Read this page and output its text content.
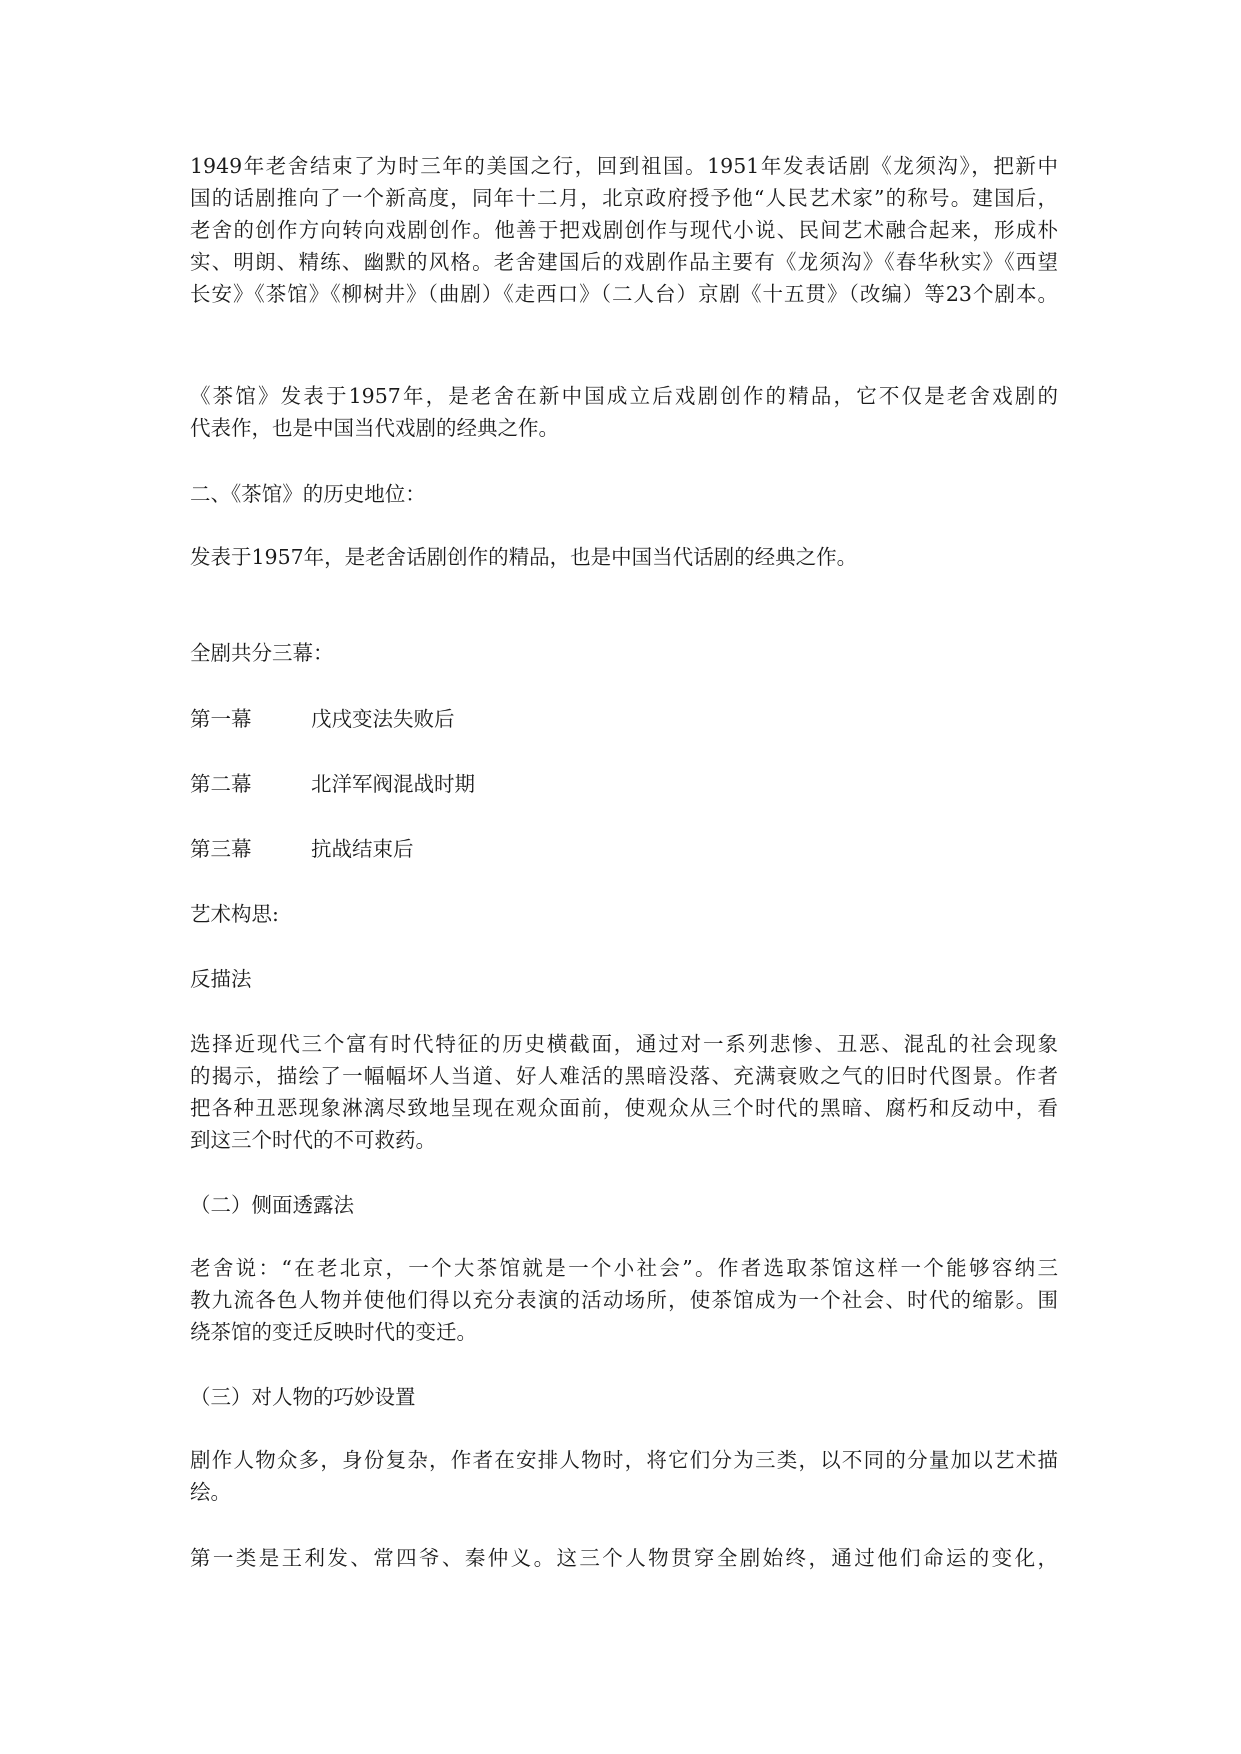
1949年老舍结束了为时三年的美国之行，回到祖国。1951年发表话剧《龙须沟》，把新中
国的话剧推向了一个新高度，同年十二月，北京政府授予他“人民艺术家”的称号。建国后，
老舍的创作方向转向戏剧创作。他善于把戏剧创作与现代小说、民间艺术融合起来，形成朴
实、明朗、精练、幽默的风格。老舍建国后的戏剧作品主要有《龙须沟》《春华秋实》《西望
长安》《茶馆》《柳树井》（曲剧）《走西口》（二人台）京剧《十五贯》（改编）等23个剧本。
《茶馆》发表于1957年，是老舍在新中国成立后戏剧创作的精品，它不仅是老舍戏剧的
代表作，也是中国当代戏剧的经典之作。
二、《茶馆》的历史地位：
发表于1957年，是老舍话剧创作的精品，也是中国当代话剧的经典之作。
全剧共分三幕：
第一幕	戊戌变法失败后
第二幕	北洋军阀混战时期
第三幕	抗战结束后
艺术构思:
反描法
选择近现代三个富有时代特征的历史横截面，通过对一系列悲惨、丑恶、混乱的社会现象
的揭示，描绘了一幅幅坏人当道、好人难活的黑暗没落、充满衰败之气的旧时代图景。作者
把各种丑恶现象淋漓尽致地呈现在观众面前，使观众从三个时代的黑暗、腐朽和反动中，看
到这三个时代的不可救药。
（二）侧面透露法
老舍说：“在老北京，一个大茶馆就是一个小社会”。作者选取茶馆这样一个能够容纳三
教九流各色人物并使他们得以充分表演的活动场所，使茶馆成为一个社会、时代的缩影。围
绕茶馆的变迁反映时代的变迁。
（三）对人物的巧妙设置
剧作人物众多，身份复杂，作者在安排人物时，将它们分为三类，以不同的分量加以艺术描
绘。
第一类是王利发、常四爷、秦仲义。这三个人物贯穿全剧始终，通过他们命运的变化，
